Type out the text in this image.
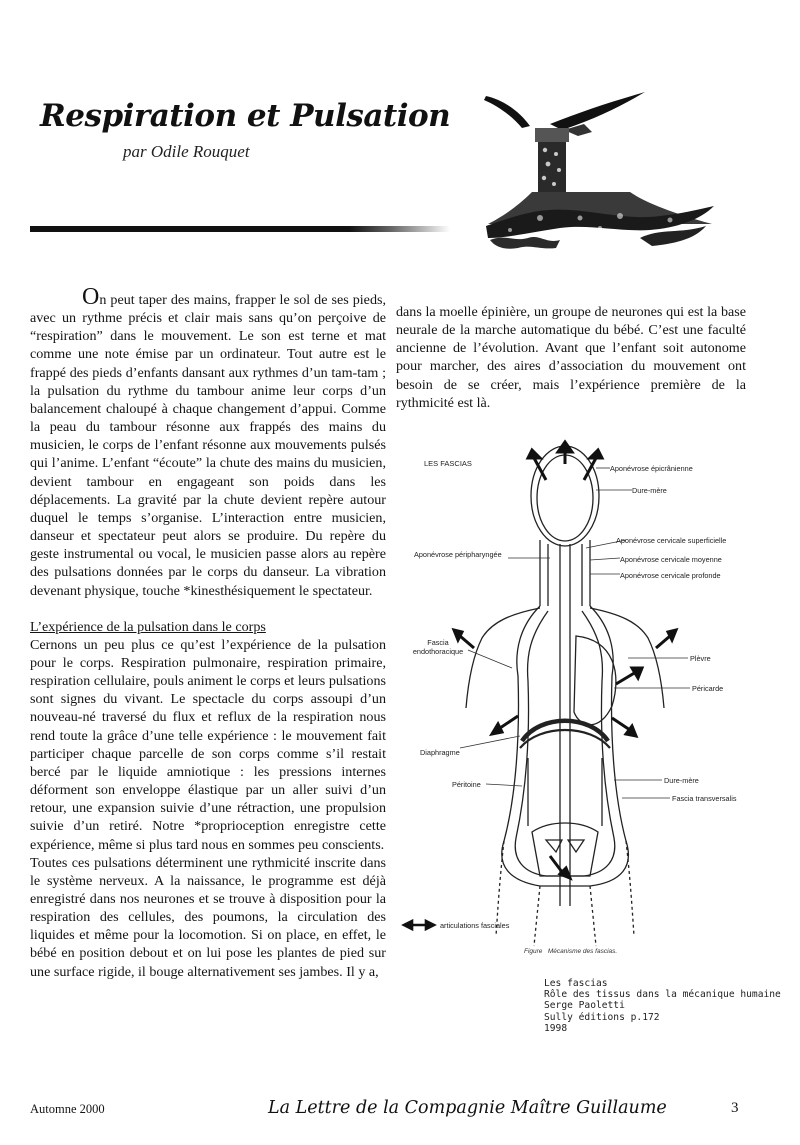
Respiration et Pulsation
par Odile Rouquet

On peut taper des mains, frapper le sol de ses pieds, avec un rythme précis et clair mais sans qu’on perçoive de “respiration” dans le mouvement. Le son est terne et mat comme une note émise par un ordinateur. Tout autre est le frappé des pieds d’enfants dansant aux rythmes d’un tam-tam ; la pulsation du rythme du tambour anime leur corps d’un balancement chaloupé à chaque changement d’appui. Comme la peau du tambour résonne aux frappés des mains du musicien, le corps de l’enfant résonne aux mouvements pulsés qui l’anime. L’enfant “écoute” la chute des mains du musicien, devient tambour en engageant son poids dans les déplacements. La gravité par la chute devient repère autour duquel le temps s’organise. L’interaction entre musicien, danseur et spectateur peut alors se produire. Du repère du geste instrumental ou vocal, le musicien passe alors au repère des pulsations données par le corps du danseur. La vibration devenant physique, touche *kinesthésiquement le spectateur.

L’expérience de la pulsation dans le corps

Cernons un peu plus ce qu’est l’expérience de la pulsation pour le corps. Respiration pulmonaire, respiration primaire, respiration cellulaire, pouls animent le corps et leurs pulsations sont signes du vivant. Le spectacle du corps assoupi d’un nouveau-né traversé du flux et reflux de la respiration nous rend toute la grâce d’une telle expérience : le mouvement fait participer chaque parcelle de son corps comme s’il restait bercé par le liquide amniotique : les pressions internes déforment son enveloppe élastique par un aller suivi d’un retour, une expansion suivie d’une rétraction, une propulsion suivie d’un retiré. Notre *proprioception enregistre cette expérience, même si plus tard nous en sommes peu conscients.

Toutes ces pulsations déterminent une rythmicité inscrite dans le système nerveux. A la naissance, le programme est déjà enregistré dans nos neurones et se trouve à disposition pour la respiration des cellules, des poumons, la circulation des liquides et même pour la locomotion. Si on place, en effet, le bébé en position debout et on lui pose les plantes de pied sur une surface rigide, il bouge alternativement ses jambes. Il y a,

dans la moelle épinière, un groupe de neurones qui est la base neurale de la marche automatique du bébé. C’est une faculté ancienne de l’évolution. Avant que l’enfant soit autonome pour marcher, des aires d’association du mouvement ont besoin de se créer, mais l’expérience première de la rythmicité est là.

LES FASCIAS
Aponévrose épicrânienne
Dure-mère
Aponévrose cervicale superficielle
Aponévrose péripharyngée
Aponévrose cervicale moyenne
Aponévrose cervicale profonde
Fascia endothoracique
Plèvre
Péricarde
Diaphragme
Péritoine	Dure-mère
Fascia transversalis
articulations fasciales
Figure Mécanisme des fascias.
Les fascias
Rôle des tissus dans la mécanique humaine
Serge Paoletti
Sully éditions p.172
1998
Automne 2000	La Lettre de la Compagnie Maître Guillaume	3
